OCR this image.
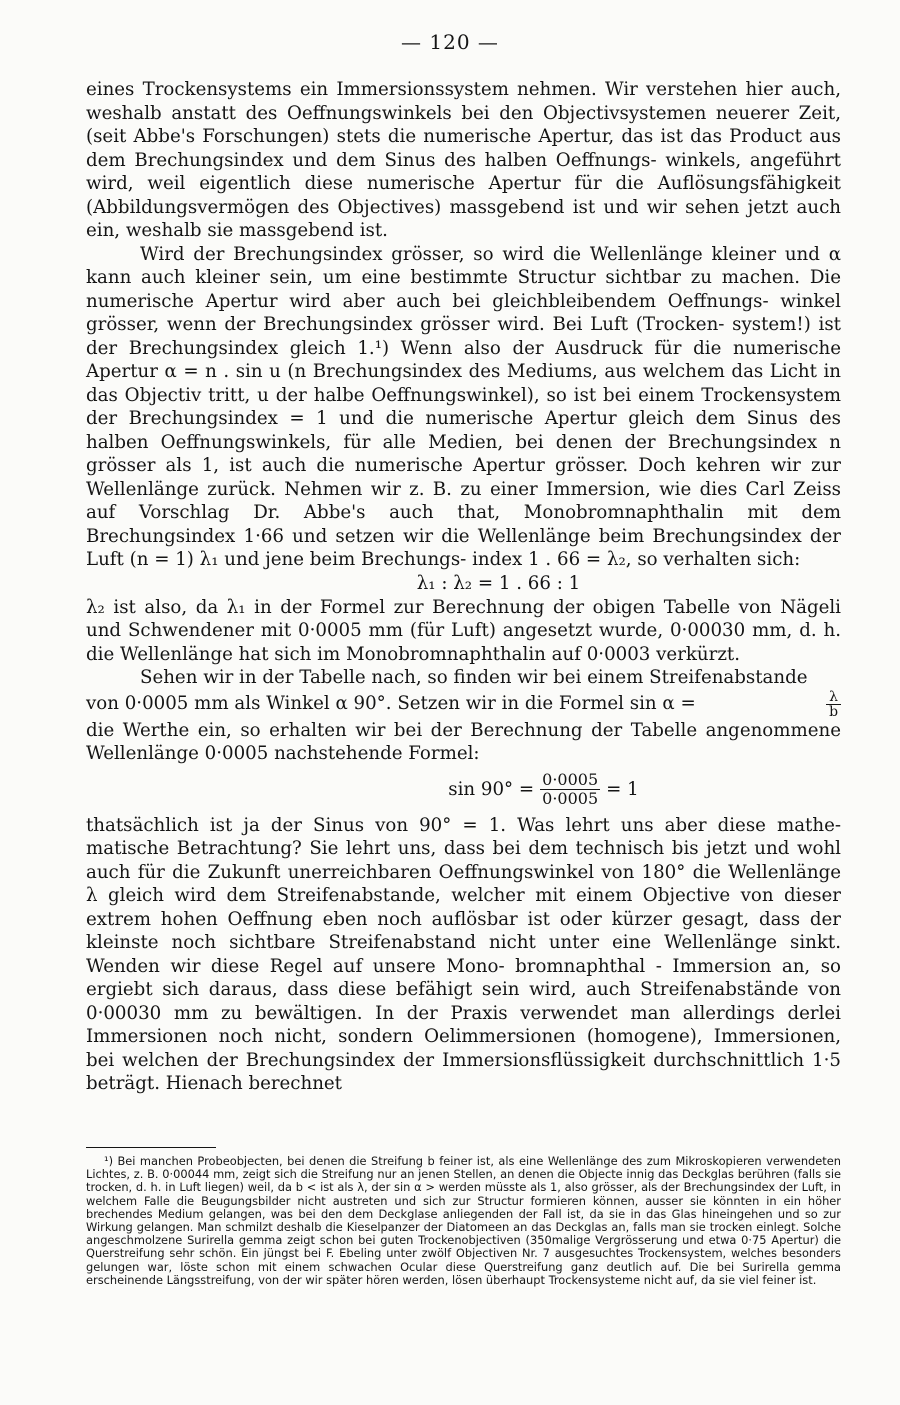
— 120 —

eines Trockensystems ein Immersionssystem nehmen. Wir verstehen hier auch, weshalb anstatt des Oeffnungswinkels bei den Objectivsystemen neuerer Zeit, (seit Abbe's Forschungen) stets die numerische Apertur, das ist das Product aus dem Brechungsindex und dem Sinus des halben Oeffnungs- winkels, angeführt wird, weil eigentlich diese numerische Apertur für die Auflösungsfähigkeit (Abbildungsvermögen des Objectives) massgebend ist und wir sehen jetzt auch ein, weshalb sie massgebend ist.

Wird der Brechungsindex grösser, so wird die Wellenlänge kleiner und α kann auch kleiner sein, um eine bestimmte Structur sichtbar zu machen. Die numerische Apertur wird aber auch bei gleichbleibendem Oeffnungs- winkel grösser, wenn der Brechungsindex grösser wird. Bei Luft (Trocken- system!) ist der Brechungsindex gleich 1.¹) Wenn also der Ausdruck für die numerische Apertur α = n . sin u (n Brechungsindex des Mediums, aus welchem das Licht in das Objectiv tritt, u der halbe Oeffnungswinkel), so ist bei einem Trockensystem der Brechungsindex = 1 und die numerische Apertur gleich dem Sinus des halben Oeffnungswinkels, für alle Medien, bei denen der Brechungsindex n grösser als 1, ist auch die numerische Apertur grösser. Doch kehren wir zur Wellenlänge zurück. Nehmen wir z. B. zu einer Immersion, wie dies Carl Zeiss auf Vorschlag Dr. Abbe's auch that, Monobromnaphthalin mit dem Brechungsindex 1·66 und setzen wir die Wellenlänge beim Brechungsindex der Luft (n = 1) λ₁ und jene beim Brechungs- index 1 . 66 = λ₂, so verhalten sich:

λ₁ : λ₂ = 1 . 66 : 1

λ₂ ist also, da λ₁ in der Formel zur Berechnung der obigen Tabelle von Nägeli und Schwendener mit 0·0005 mm (für Luft) angesetzt wurde, 0·00030 mm, d. h. die Wellenlänge hat sich im Monobromnaphthalin auf 0·0003 verkürzt.

Sehen wir in der Tabelle nach, so finden wir bei einem Streifenabstande

von 0·0005 mm als Winkel α 90°. Setzen wir in die Formel sin α =	$\frac{\lambda}{b}$

die Werthe ein, so erhalten wir bei der Berechnung der Tabelle angenommene Wellenlänge 0·0005 nachstehende Formel:

$\sin 90^\circ = \frac{0\cdot 0005}{0\cdot 0005} = 1$

thatsächlich ist ja der Sinus von 90° = 1. Was lehrt uns aber diese mathe- matische Betrachtung? Sie lehrt uns, dass bei dem technisch bis jetzt und wohl auch für die Zukunft unerreichbaren Oeffnungswinkel von 180° die Wellenlänge λ gleich wird dem Streifenabstande, welcher mit einem Objective von dieser extrem hohen Oeffnung eben noch auflösbar ist oder kürzer gesagt, dass der kleinste noch sichtbare Streifenabstand nicht unter eine Wellenlänge sinkt. Wenden wir diese Regel auf unsere Mono- bromnaphthal - Immersion an, so ergiebt sich daraus, dass diese befähigt sein wird, auch Streifenabstände von 0·00030 mm zu bewältigen. In der Praxis verwendet man allerdings derlei Immersionen noch nicht, sondern Oelimmersionen (homogene), Immersionen, bei welchen der Brechungsindex der Immersionsflüssigkeit durchschnittlich 1·5 beträgt. Hienach berechnet

¹) Bei manchen Probeobjecten, bei denen die Streifung b feiner ist, als eine Wellenlänge des zum Mikroskopieren verwendeten Lichtes, z. B. 0·00044 mm, zeigt sich die Streifung nur an jenen Stellen, an denen die Objecte innig das Deckglas berühren (falls sie trocken, d. h. in Luft liegen) weil, da b < ist als λ, der sin α > werden müsste als 1, also grösser, als der Brechungsindex der Luft, in welchem Falle die Beugungsbilder nicht austreten und sich zur Structur formieren können, ausser sie könnten in ein höher brechendes Medium gelangen, was bei den dem Deckglase anliegenden der Fall ist, da sie in das Glas hineingehen und so zur Wirkung gelangen. Man schmilzt deshalb die Kieselpanzer der Diatomeen an das Deckglas an, falls man sie trocken einlegt. Solche angeschmolzene Surirella gemma zeigt schon bei guten Trockenobjectiven (350malige Vergrösserung und etwa 0·75 Apertur) die Querstreifung sehr schön. Ein jüngst bei F. Ebeling unter zwölf Objectiven Nr. 7 ausgesuchtes Trockensystem, welches besonders gelungen war, löste schon mit einem schwachen Ocular diese Querstreifung ganz deutlich auf. Die bei Surirella gemma erscheinende Längsstreifung, von der wir später hören werden, lösen überhaupt Trockensysteme nicht auf, da sie viel feiner ist.
